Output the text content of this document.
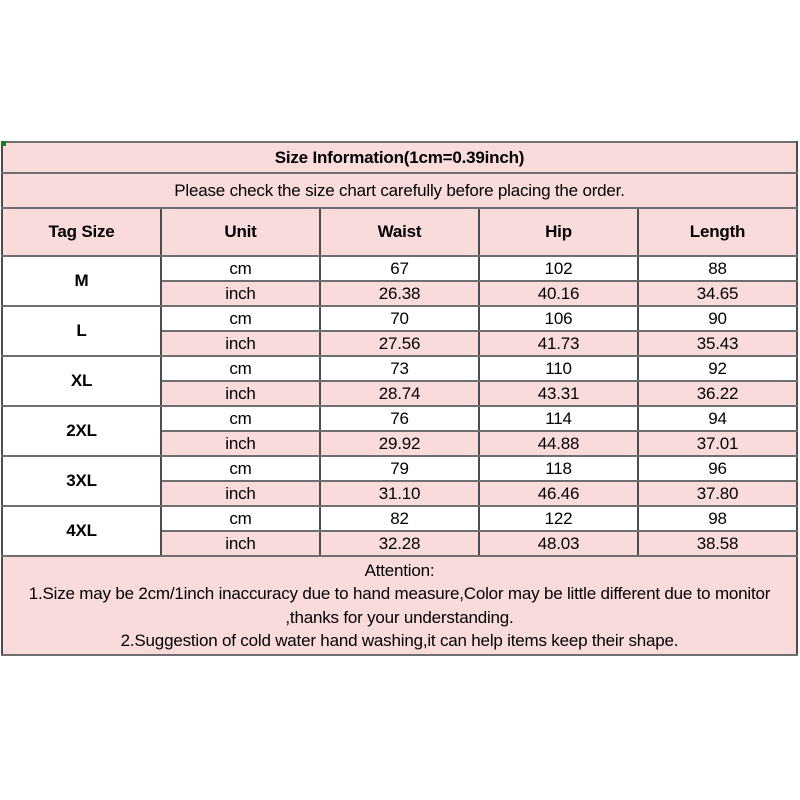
Size Information(1cm=0.39inch)				
Please check the size chart carefully before placing the order.				
Tag Size	Unit	Waist	Hip	Length
M	cm	67	102	88
	inch	26.38	40.16	34.65
L	cm	70	106	90
	inch	27.56	41.73	35.43
XL	cm	73	110	92
	inch	28.74	43.31	36.22
2XL	cm	76	114	94
	inch	29.92	44.88	37.01
3XL	cm	79	118	96
	inch	31.10	46.46	37.80
4XL	cm	82	122	98
	inch	32.28	48.03	38.58

Attention:
1.Size may be 2cm/1inch inaccuracy due to hand measure,Color may be little different due to monitor
,thanks for your understanding.
2.Suggestion of cold water hand washing,it can help items keep their shape.				
